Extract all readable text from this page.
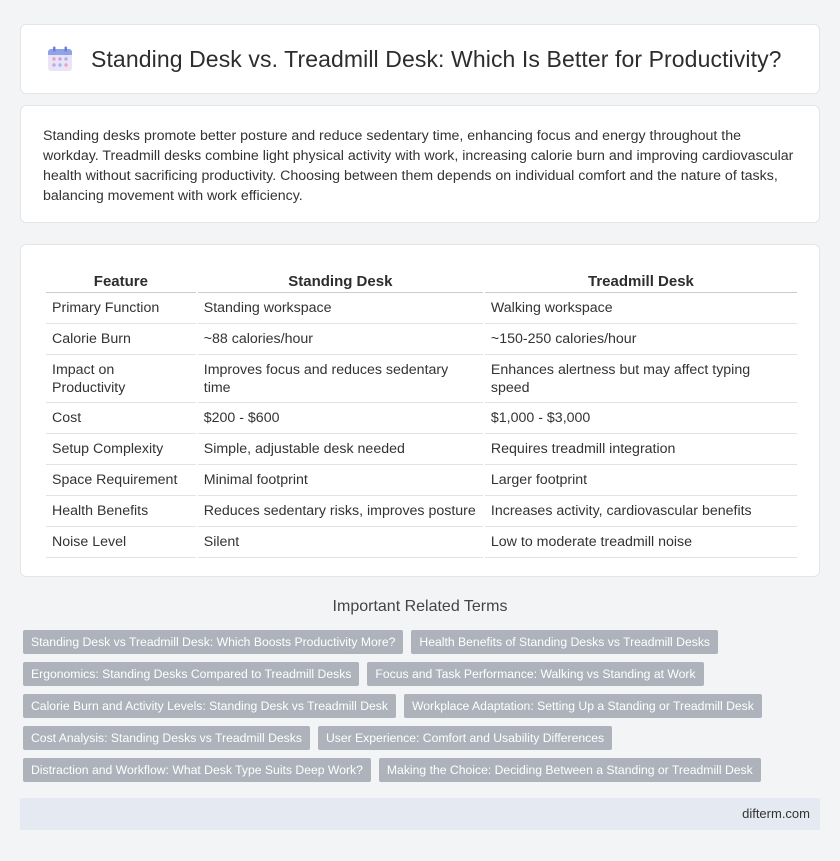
Standing Desk vs. Treadmill Desk: Which Is Better for Productivity?

Standing desks promote better posture and reduce sedentary time, enhancing focus and energy throughout the workday. Treadmill desks combine light physical activity with work, increasing calorie burn and improving cardiovascular health without sacrificing productivity. Choosing between them depends on individual comfort and the nature of tasks, balancing movement with work efficiency.

Feature	Standing Desk	Treadmill Desk
Primary Function	Standing workspace	Walking workspace
Calorie Burn	~88 calories/hour	~150-250 calories/hour
Impact on Productivity	Improves focus and reduces sedentary time	Enhances alertness but may affect typing speed
Cost	$200 - $600	$1,000 - $3,000
Setup Complexity	Simple, adjustable desk needed	Requires treadmill integration
Space Requirement	Minimal footprint	Larger footprint
Health Benefits	Reduces sedentary risks, improves posture	Increases activity, cardiovascular benefits
Noise Level	Silent	Low to moderate treadmill noise
Important Related Terms
Standing Desk vs Treadmill Desk: Which Boosts Productivity More?	Health Benefits of Standing Desks vs Treadmill Desks
Ergonomics: Standing Desks Compared to Treadmill Desks	Focus and Task Performance: Walking vs Standing at Work
Calorie Burn and Activity Levels: Standing Desk vs Treadmill Desk	Workplace Adaptation: Setting Up a Standing or Treadmill Desk
Cost Analysis: Standing Desks vs Treadmill Desks	User Experience: Comfort and Usability Differences
Distraction and Workflow: What Desk Type Suits Deep Work?	Making the Choice: Deciding Between a Standing or Treadmill Desk
difterm.com
